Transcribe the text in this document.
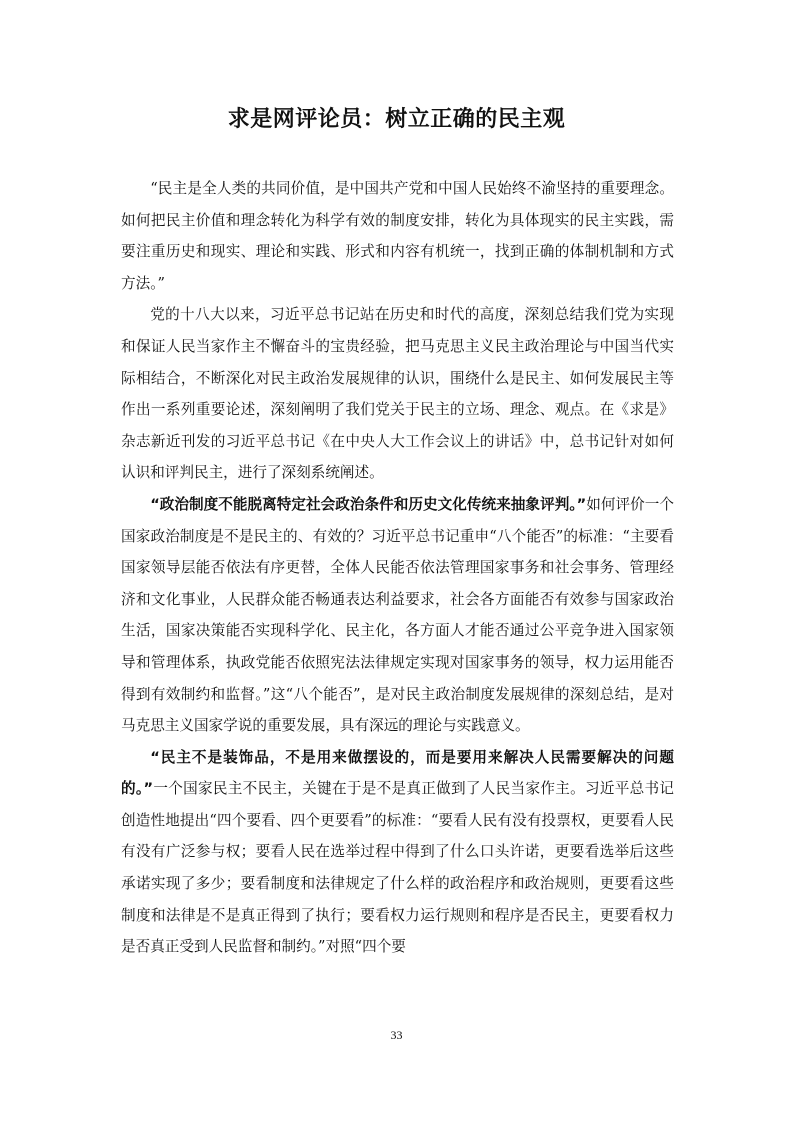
求是网评论员：树立正确的民主观

“民主是全人类的共同价值，是中国共产党和中国人民始终不渝坚持的重要理念。如何把民主价值和理念转化为科学有效的制度安排，转化为具体现实的民主实践，需要注重历史和现实、理论和实践、形式和内容有机统一，找到正确的体制机制和方式方法。”

党的十八大以来，习近平总书记站在历史和时代的高度，深刻总结我们党为实现和保证人民当家作主不懈奋斗的宝贵经验，把马克思主义民主政治理论与中国当代实际相结合，不断深化对民主政治发展规律的认识，围绕什么是民主、如何发展民主等作出一系列重要论述，深刻阐明了我们党关于民主的立场、理念、观点。在《求是》杂志新近刊发的习近平总书记《在中央人大工作会议上的讲话》中，总书记针对如何认识和评判民主，进行了深刻系统阐述。

“政治制度不能脱离特定社会政治条件和历史文化传统来抽象评判。”如何评价一个国家政治制度是不是民主的、有效的？习近平总书记重申“八个能否”的标准：“主要看国家领导层能否依法有序更替，全体人民能否依法管理国家事务和社会事务、管理经济和文化事业，人民群众能否畅通表达利益要求，社会各方面能否有效参与国家政治生活，国家决策能否实现科学化、民主化，各方面人才能否通过公平竞争进入国家领导和管理体系，执政党能否依照宪法法律规定实现对国家事务的领导，权力运用能否得到有效制约和监督。”这“八个能否”，是对民主政治制度发展规律的深刻总结，是对马克思主义国家学说的重要发展，具有深远的理论与实践意义。

“民主不是装饰品，不是用来做摆设的，而是要用来解决人民需要解决的问题的。”一个国家民主不民主，关键在于是不是真正做到了人民当家作主。习近平总书记创造性地提出“四个要看、四个更要看”的标准：“要看人民有没有投票权，更要看人民有没有广泛参与权；要看人民在选举过程中得到了什么口头许诺，更要看选举后这些承诺实现了多少；要看制度和法律规定了什么样的政治程序和政治规则，更要看这些制度和法律是不是真正得到了执行；要看权力运行规则和程序是否民主，更要看权力是否真正受到人民监督和制约。”对照“四个要

33
